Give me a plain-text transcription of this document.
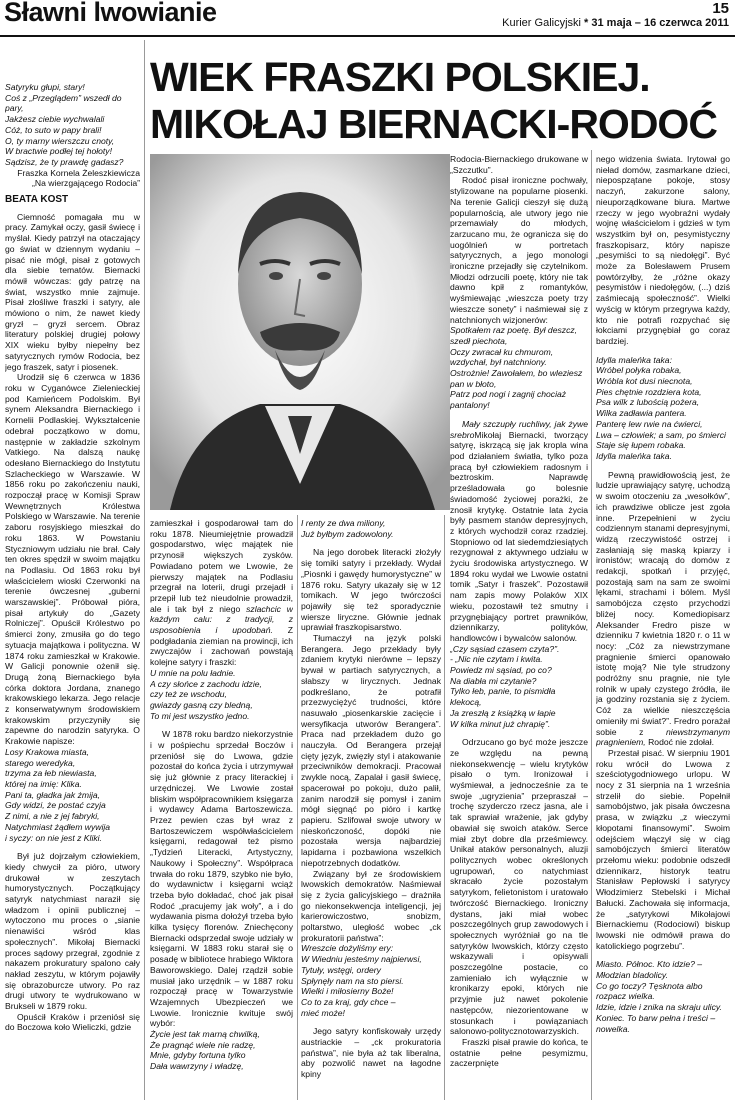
Sławni lwowianie	15
Kurier Galicyjski * 31 maja – 16 czerwca 2011
WIEK FRASZKI POLSKIEJ.
MIKOŁAJ BIERNACKI-RODOĆ
Satyryku głupi, stary!
Coś z „Przeglądem” wszedł do pary,
Jakżesz ciebie wychwalali
Cóż, to suto w papy brali!
O, ty marny wierszczu cnoty,
W bractwie podłej tej hołoty!
Sądzisz, że ty prawdę gadasz?
Fraszka Kornela Żeleszkiewicza
„Na wierzgającego Rodocia”
BEATA KOST

Ciemność pomagała mu w pracy. Zamykał oczy, gasił świecę i myślał. Kiedy patrzył na otaczający go świat w dziennym wydaniu – pisać nie mógł, pisał z gotowych dla siebie tematów. Biernacki mówił wówczas: gdy patrzę na świat, wszystko mnie zajmuje. Pisał złośliwe fraszki i satyry, ale mówiono o nim, że nawet kiedy gryzł – gryzł sercem. Obraz literatury polskiej drugiej połowy XIX wieku byłby niepełny bez satyrycznych rymów Rodocia, bez jego fraszek, satyr i piosenek.

Urodził się 6 czerwca w 1836 roku w Cyganówce Zielenieckiej pod Kamieńcem Podolskim. Był synem Aleksandra Biernackiego i Kornelii Podlaskiej. Wykształcenie odebrał początkowo w domu, następnie w zakładzie szkolnym Vatkiego. Na dalszą naukę odesłano Biernackiego do Instytutu Szlacheckiego w Warszawie. W 1856 roku po zakończeniu nauki, rozpoczął pracę w Komisji Spraw Wewnętrznych Królestwa Polskiego w Warszawie. Na terenie zaboru rosyjskiego mieszkał do roku 1863. W Powstaniu Styczniowym udziału nie brał. Cały ten okres spędził w swoim majątku na Podlasiu. Od 1863 roku był właścicielem wioski Czerwonki na terenie ówczesnej „guberni warszawskiej”. Próbował pióra, pisał artykuły do „Gazety Rolniczej”. Opuścił Królestwo po śmierci żony, zmusiła go do tego sytuacja majątkowa i polityczna. W 1874 roku zamieszkał w Krakowie. W Galicji ponownie ożenił się. Drugą żoną Biernackiego była córka doktora Jordana, znanego krakowskiego lekarza. Jego relacje z konserwatywnym środowiskiem krakowskim przyczyniły się zapewne do narodzin satyryka. O Krakowie napisze:

Losy Krakowa miasta,
starego weredyka,
trzyma za łeb niewiasta,
której na imię: Klika.
Pani ta, gładka jak żmija,
Gdy widzi, że postać czyja
Z nimi, a nie z jej fabryki,
Natychmiast żądłem wywija
i syczy: on nie jest z Kliki.

Był już dojrzałym człowiekiem, kiedy chwycił za pióro, utwory drukował w zeszytach humorystycznych. Początkujący satyryk natychmiast naraził się władzom i opinii publicznej – wytoczono mu proces o „sianie nienawiści wśród klas społecznych”. Mikołaj Biernacki proces sądowy przegrał, zgodnie z nakazem prokuratury spalono cały nakład zeszytu, w którym pojawiły się obrazoburcze utwory. Po raz drugi utwory te wydrukowano w Brukseli w 1879 roku.

Opuścił Kraków i przeniósł się do Boczowa koło Wieliczki, gdzie

zamieszkał i gospodarował tam do roku 1878. Nieumiejętnie prowadził gospodarstwo, więc majątek nie przynosił większych zysków. Powiadano potem we Lwowie, że pierwszy majątek na Podlasiu przegrał na loterii, drugi przejadł i przepił lub też nieudolnie prowadził, ale i tak był z niego szlachcic w każdym calu: z tradycji, z usposobienia i upodobań. Z podgładania ziemian na prowincji, ich zwyczajów i zachowań powstają kolejne satyry i fraszki:

U mnie na polu ładnie.
A czy słońce z zachodu idzie,
czy też ze wschodu,
gwiazdy gasną czy bledną,
To mi jest wszystko jedno.

W 1878 roku bardzo niekorzystnie i w pośpiechu sprzedał Boczów i przeniósł się do Lwowa, gdzie pozostał do końca życia i utrzymywał się już głównie z pracy literackiej i urzędniczej. We Lwowie został bliskim współpracownikiem księgarza i wydawcy Adama Bartoszewicza. Przez pewien czas był wraz z Bartoszewiczem współwłaścicielem księgarni, redagował też pismo „Tydzień Literacki, Artystyczny, Naukowy i Społeczny”. Współpraca trwała do roku 1879, szybko nie było, do wydawnictw i księgarni wciąż trzeba było dokładać, choć jak pisał Rodoć „pracujemy jak woły”, a i do wydawania pisma dołożył trzeba było kilka tysięcy florenów. Zniechęcony Biernacki odsprzedał swoje udziały w księgarni. W 1883 roku starał się o posadę w bibliotece hrabiego Wiktora Baworowskiego. Dalej rządził sobie musiał jako urzędnik – w 1887 roku rozpoczął pracę w Towarzystwie Wzajemnych Ubezpieczeń we Lwowie. Ironicznie kwituje swój wybór:

Życie jest tak marną chwilką,
Że pragnąć wiele nie radzę,
Mnie, gdyby fortuna tylko
Dała wawrzyny i władzę,
I renty ze dwa miliony,
Już byłbym zadowolony.

Na jego dorobek literacki złożyły się tomiki satyry i przekłady. Wydał „Piosnki i gawędy humorystyczne” w 1876 roku. Satyry ukazały się w 12 tomikach. W jego twórczości pojawiły się też sporadycznie wiersze liryczne. Głównie jednak uprawiał fraszkopisarstwo.

Tłumaczył na język polski Berangera. Jego przekłady były zdaniem krytyki nierówne – lepszy bywał w partiach satyrycznych, a słabszy w lirycznych. Jednak podkreślano, że potrafił przezwyciężyć trudności, które nasuwało „piosenkarskie zacięcie i wersyfikacja utworów Berangera”. Praca nad przekładem dużo go nauczyła. Od Berangera przejął cięty język, zwięzły styl i atakowanie przeciwników demokracji. Pracował zwykle nocą, Zapalał i gasił świecę, spacerował po pokoju, dużo palił, zanim narodził się pomysł i zanim mógł sięgnąć po pióro i kartkę papieru. Szlifował swoje utwory w nieskończoność, dopóki nie pozostała wersja najbardziej lapidarna i pozbawiona wszelkich niepotrzebnych dodatków.

Związany był ze środowiskiem lwowskich demokratów. Naśmiewał się z życia galicyjskiego – drażniła go niekonsekwencja inteligencji, jej karierowiczostwo, snobizm, poltarstwo, uległość wobec „ck prokuratorii państwa”:

Wreszcie dożyliśmy ery:
W Wiedniu jesteśmy najpierwsi,
Tytuły, wstęgi, ordery
Spłynęły nam na sto piersi.
Wielki i miłosierny Boże!
Co to za kraj, gdy chce –
mieć może!

Jego satyry konfiskowały urzędy austriackie – „ck prokuratoria państwa”, nie była aż tak liberalna, aby pozwolić nawet na łagodne kpiny

Rodocia-Biernackiego drukowane w „Szczutku”.

Rodoć pisał ironiczne pochwały, stylizowane na popularne piosenki. Na terenie Galicji cieszył się dużą popularnością, ale utwory jego nie przemawiały do młodych, zarzucano mu, że ogranicza się do uogólnień w portretach satyrycznych, a jego monologi ironiczne przejadły się czytelnikom. Młodzi odrzucili poetę, który nie tak dawno kpił z romantyków, wyśmiewając „wieszcza poety trzy wieszcze sonety” i naśmiewał się z natchnionych wizjonerów:

Spotkałem raz poetę. Był deszcz,
szedł piechota,
Oczy zwracał ku chmurom, wzdychał, był natchniony.
Ostrożnie! Zawołałem, bo wleziesz pan w błoto,
Patrz pod nogi i zagnij chociaż pantalony!

Mały szczupły ruchliwy, jak żywe srebroMikołaj Biernacki, tworzący satyrę, iskrzącą się jak kropla wina pod działaniem światła, tylko poza pracą był człowiekiem radosnym i beztroskim. Naprawdę prześladowała go bolesnie świadomość życiowej porażki, że znosił krytykę. Ostatnie lata życia były pasmem stanów depresyjnych, z których wychodził coraz rzadziej. Stopniowo od lat siedemdziesiątych rezygnował z aktywnego udziału w życiu środowiska artystycznego. W 1894 roku wydał we Lwowie ostatni tomik „Satyr i fraszek”. Pozostawił nam zapis mowy Polaków XIX wieku, pozostawił też smutny i przygnębiający portret prawników, dziennikarzy, polityków, handlowców i bywalców salonów.

„Czy sąsiad czasem czyta?”.
- „Nic nie czytam i kwita.
Powiedz mi sąsiad, po co?
Na diabła mi czytanie?
Tylko łeb, panie, to pismidła klekocą,
Ja zreszłą z książką w łapie
W kilka minut już chrapię”.

Odrzucano go być może jeszcze ze względu na pewną niekonsekwencję – wielu krytyków pisało o tym. Ironizował i wyśmiewał, a jednocześnie za te swoje „ugryzienia” przepraszał – trochę szyderczo rzecz jasna, ale i tak sprawiał wrażenie, jak gdyby obawiał się swoich ataków. Serce miał zbyt dobre dla prześmiewcy. Unikał ataków personalnych, aluzji politycznych wobec określonych ugrupowań, co natychmiast skracało życie pozostałym satyrykom, felietonistom i uratowało twórczość Biernackiego. Ironiczny dystans, jaki miał wobec poszczególnych grup zawodowych i społecznych wyróżniał go na tle satyryków lwowskich, którzy często wskazywali i opisywali poszczególne postacie, co zamieniało ich wyłącznie w kronikarzy epoki, których nie przyjmie już nawet pokolenie następców, niezorientowane w stosunkach i powiązaniach salonowo-politycznotowarzyskich.

Fraszki pisał prawie do końca, te ostatnie pełne pesymizmu, zaczerpnięte

nego widzenia świata. Irytował go nieład domów, zasmarkane dzieci, niepospzątane pokoje, stosy naczyń, zakurzone salony, nieuporządkowane biura. Martwe rzeczy w jego wyobraźni wydały wojnę właścicielom i gdzieś w tym wszystkim był on, pesymistyczny fraszkopisarz, który napisze „pesymiści to są niedołęgi”. Być może za Bolesławem Prusem powtórzyłby, że „różne okazy pesymistów i niedołęgów, (...) dziś zaśmiecają społeczność”. Wielki wyścig w którym przegrywa każdy, kto nie potrafi rozpychać się łokciami przygnębiał go coraz bardziej.

Idylla maleńka taka:
Wróbel połyka robaka,
Wróbla kot dusi niecnota,
Pies chętnie rozdziera kota,
Psa wilk z lubością pożera,
Wilka zadławia pantera.
Panterę lew rwie na ćwierci,
Lwa – człowiek; a sam, po śmierci
Staje się łupem robaka.
Idylla maleńka taka.

Pewną prawidłowością jest, że ludzie uprawiający satyrę, uchodzą w swoim otoczeniu za „wesołków”, ich prawdziwe oblicze jest zgoła inne. Przepełnieni w życiu codziennym stanami depresyjnymi, widzą rzeczywistość ostrzej i zasłaniają się maską kpiarzy i ironistów; wracają do domów z redakcji, spotkań i przyjęć, pozostają sam na sam ze swoimi lękami, strachami i bólem. Myśl samobójcza często przychodzi bliżej nocy. Komediopisarz Aleksander Fredro pisze w dzienniku 7 kwietnia 1820 r. o 11 w nocy: „Cóż za niewstrzymane pragnienie śmierci opanowało istotę moją? Nie tyle strudzony podróżny snu pragnie, nie tyle rolnik w upały czystego źródła, ile ja godziny rozstania się z życiem. Cóż za wielkie nieszczęścia omieniły mi świat?”. Fredro porażał sobie z	niewstrzymanym pragnieniem, Rodoć nie zdołał.

Przestał pisać. W sierpniu 1901 roku wrócił do Lwowa z sześciotygodniowego urlopu. W nocy z 31 sierpnia na 1 września strzelił do siebie. Popełnił samobójstwo, jak pisała ówczesna prasa, w związku „z wieczymi kłopotami finansowymi”. Swoim odejściem włączył się w ciąg samobójczych śmierci literatów przełomu wieku: podobnie odszedł dziennikarz, historyk teatru Stanisław Pepłowski i satyrycy Włodzimierz Stebelski i Michał Bałucki. Zachowała się informacja, że „satyrykowi Mikołajowi Biernackiemu (Rodociowi) biskup lwowski nie odmówił prawa do katolickiego pogrzebu”.

Miasto. Północ. Kto idzie? –
Młodzian bladolicy.
Co go toczy? Tęsknota albo
rozpacz wielka.
Idzie, idzie i znika na skraju ulicy.
Koniec. To barw pełna i treści –
nowelka.
